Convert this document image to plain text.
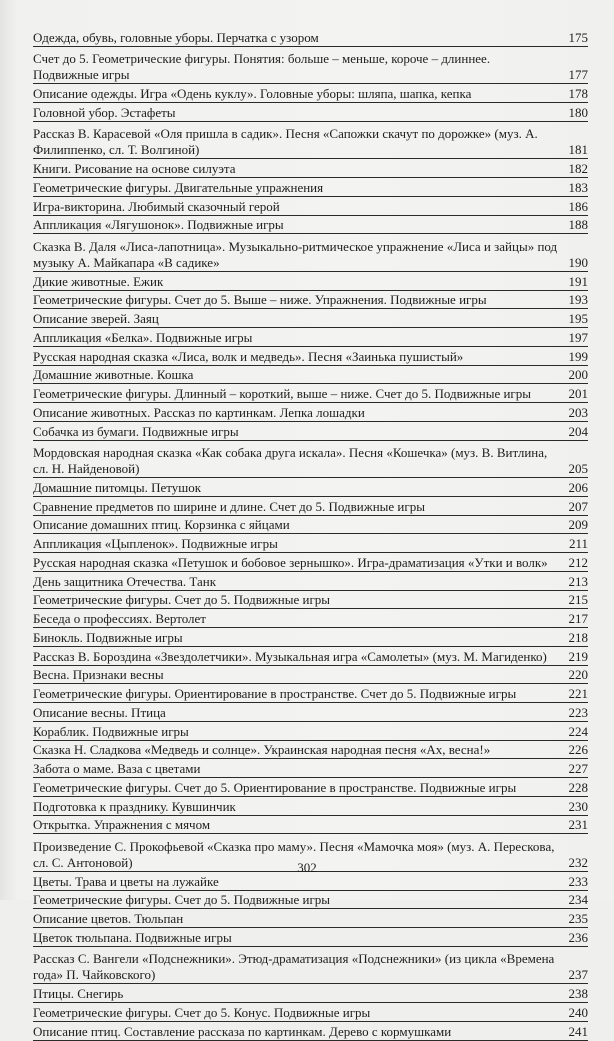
Одежда, обувь, головные уборы. Перчатка с узором	175
Счет до 5. Геометрические фигуры. Понятия: больше – меньше, короче – длиннее. Подвижные игры	177
Описание одежды. Игра «Одень куклу». Головные уборы: шляпа, шапка, кепка	178
Головной убор. Эстафеты	180
Рассказ В. Карасевой «Оля пришла в садик». Песня «Сапожки скачут по дорожке» (муз. А. Филиппенко, сл. Т. Волгиной)	181
Книги. Рисование на основе силуэта	182
Геометрические фигуры. Двигательные упражнения	183
Игра-викторина. Любимый сказочный герой	186
Аппликация «Лягушонок». Подвижные игры	188
Сказка В. Даля «Лиса-лапотница». Музыкально-ритмическое упражнение «Лиса и зайцы» под музыку А. Майкапара «В садике»	190
Дикие животные. Ежик	191
Геометрические фигуры. Счет до 5. Выше – ниже. Упражнения. Подвижные игры	193
Описание зверей. Заяц	195
Аппликация «Белка». Подвижные игры	197
Русская народная сказка «Лиса, волк и медведь». Песня «Заинька пушистый»	199
Домашние животные. Кошка	200
Геометрические фигуры. Длинный – короткий, выше – ниже. Счет до 5. Подвижные игры	201
Описание животных. Рассказ по картинкам. Лепка лошадки	203
Собачка из бумаги. Подвижные игры	204
Мордовская народная сказка «Как собака друга искала». Песня «Кошечка» (муз. В. Витлина, сл. Н. Найденовой)	205
Домашние питомцы. Петушок	206
Сравнение предметов по ширине и длине. Счет до 5. Подвижные игры	207
Описание домашних птиц. Корзинка с яйцами	209
Аппликация «Цыпленок». Подвижные игры	211
Русская народная сказка «Петушок и бобовое зернышко». Игра-драматизация «Утки и волк»	212
День защитника Отечества. Танк	213
Геометрические фигуры. Счет до 5. Подвижные игры	215
Беседа о профессиях. Вертолет	217
Бинокль. Подвижные игры	218
Рассказ В. Бороздина «Звездолетчики». Музыкальная игра «Самолеты» (муз. М. Магиденко)	219
Весна. Признаки весны	220
Геометрические фигуры. Ориентирование в пространстве. Счет до 5. Подвижные игры	221
Описание весны. Птица	223
Кораблик. Подвижные игры	224
Сказка Н. Сладкова «Медведь и солнце». Украинская народная песня «Ах, весна!»	226
Забота о маме. Ваза с цветами	227
Геометрические фигуры. Счет до 5. Ориентирование в пространстве. Подвижные игры	228
Подготовка к празднику. Кувшинчик	230
Открытка. Упражнения с мячом	231
Произведение С. Прокофьевой «Сказка про маму». Песня «Мамочка моя» (муз. А. Пересковa, сл. С. Антоновой)	232
Цветы. Трава и цветы на лужайке	233
Геометрические фигуры. Счет до 5. Подвижные игры	234
Описание цветов. Тюльпан	235
Цветок тюльпана. Подвижные игры	236
Рассказ С. Вангели «Подснежники». Этюд-драматизация «Подснежники» (из цикла «Времена года» П. Чайковского)	237
Птицы. Снегирь	238
Геометрические фигуры. Счет до 5. Конус. Подвижные игры	240
Описание птиц. Составление рассказа по картинкам. Дерево с кормушками	241
302
